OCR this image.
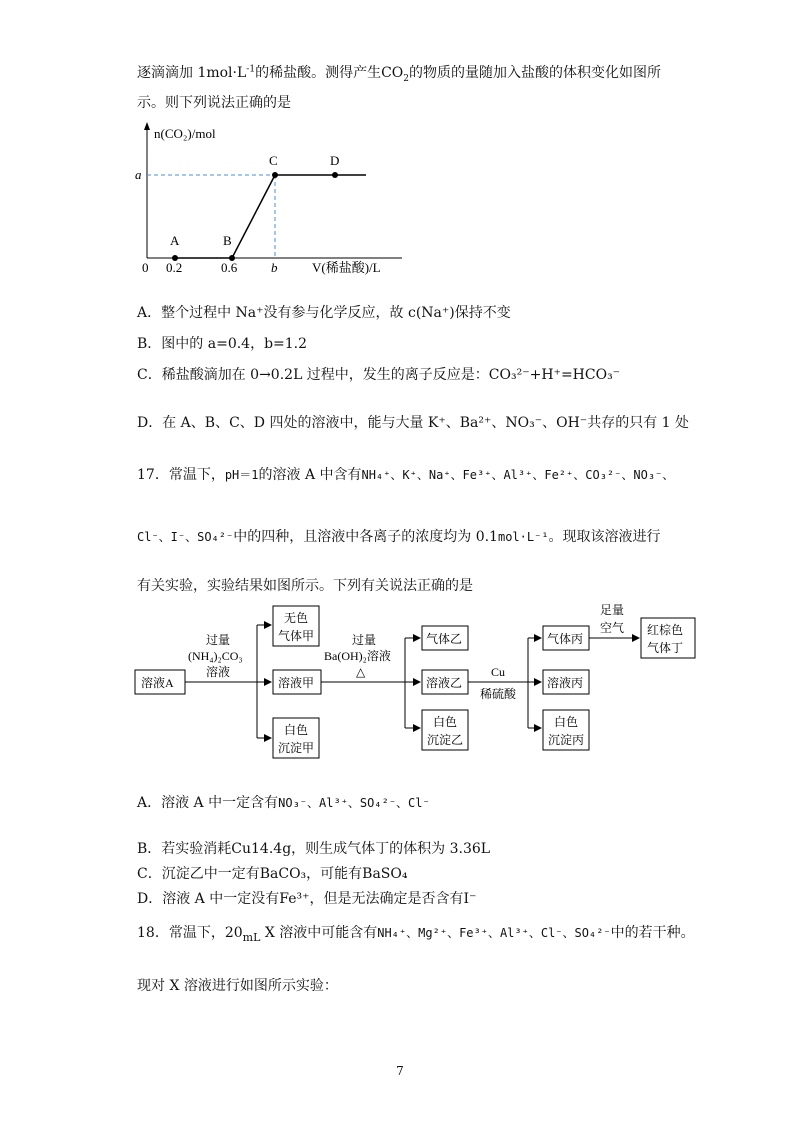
逐滴滴加 $1mol\cdot L^{-1}$的稀盐酸。测得产生$CO_2$的物质的量随加入盐酸的体积变化如图所
示。则下列说法正确的是
A	B
C	D
n(CO₂)/mol
a
0 0.2	0.6	b	V(稀盐酸)/L
A．整个过程中 Na⁺没有参与化学反应，故 c(Na⁺)保持不变
B．图中的 a=0.4，b=1.2
C．稀盐酸滴加在 0→0.2L 过程中，发生的离子反应是：CO₃²⁻+H⁺=HCO₃⁻
D．在 A、B、C、D 四处的溶液中，能与大量 K⁺、Ba²⁺、NO₃⁻、OH⁻共存的只有 1 处
17．常温下，pH＝1的溶液 A 中含有NH₄⁺、K⁺、Na⁺、Fe³⁺、Al³⁺、Fe²⁺、CO₃²⁻、NO₃⁻、
Cl⁻、I⁻、SO₄²⁻中的四种，且溶液中各离子的浓度均为 0.1mol·L⁻¹。现取该溶液进行
有关实验，实验结果如图所示。下列有关说法正确的是
溶液A
过量
(NH₄)₂CO₃
溶液
无色
气体甲
溶液甲
白色
沉淀甲
过量
Ba(OH)₂溶液
△
气体乙
溶液乙
白色
沉淀乙
Cu
稀硫酸
气体丙
溶液丙
白色
沉淀丙
足量
空气 红棕色
气体丁
A．溶液 A 中一定含有NO₃⁻、Al³⁺、SO₄²⁻、Cl⁻
B．若实验消耗Cu14.4g，则生成气体丁的体积为 3.36L
C．沉淀乙中一定有BaCO₃，可能有BaSO₄
D．溶液 A 中一定没有Fe³⁺，但是无法确定是否含有I⁻
18．常温下，$20_{mL}$ X 溶液中可能含有NH₄⁺、Mg²⁺、Fe³⁺、Al³⁺、Cl⁻、SO₄²⁻中的若干种。
现对 X 溶液进行如图所示实验：
7
